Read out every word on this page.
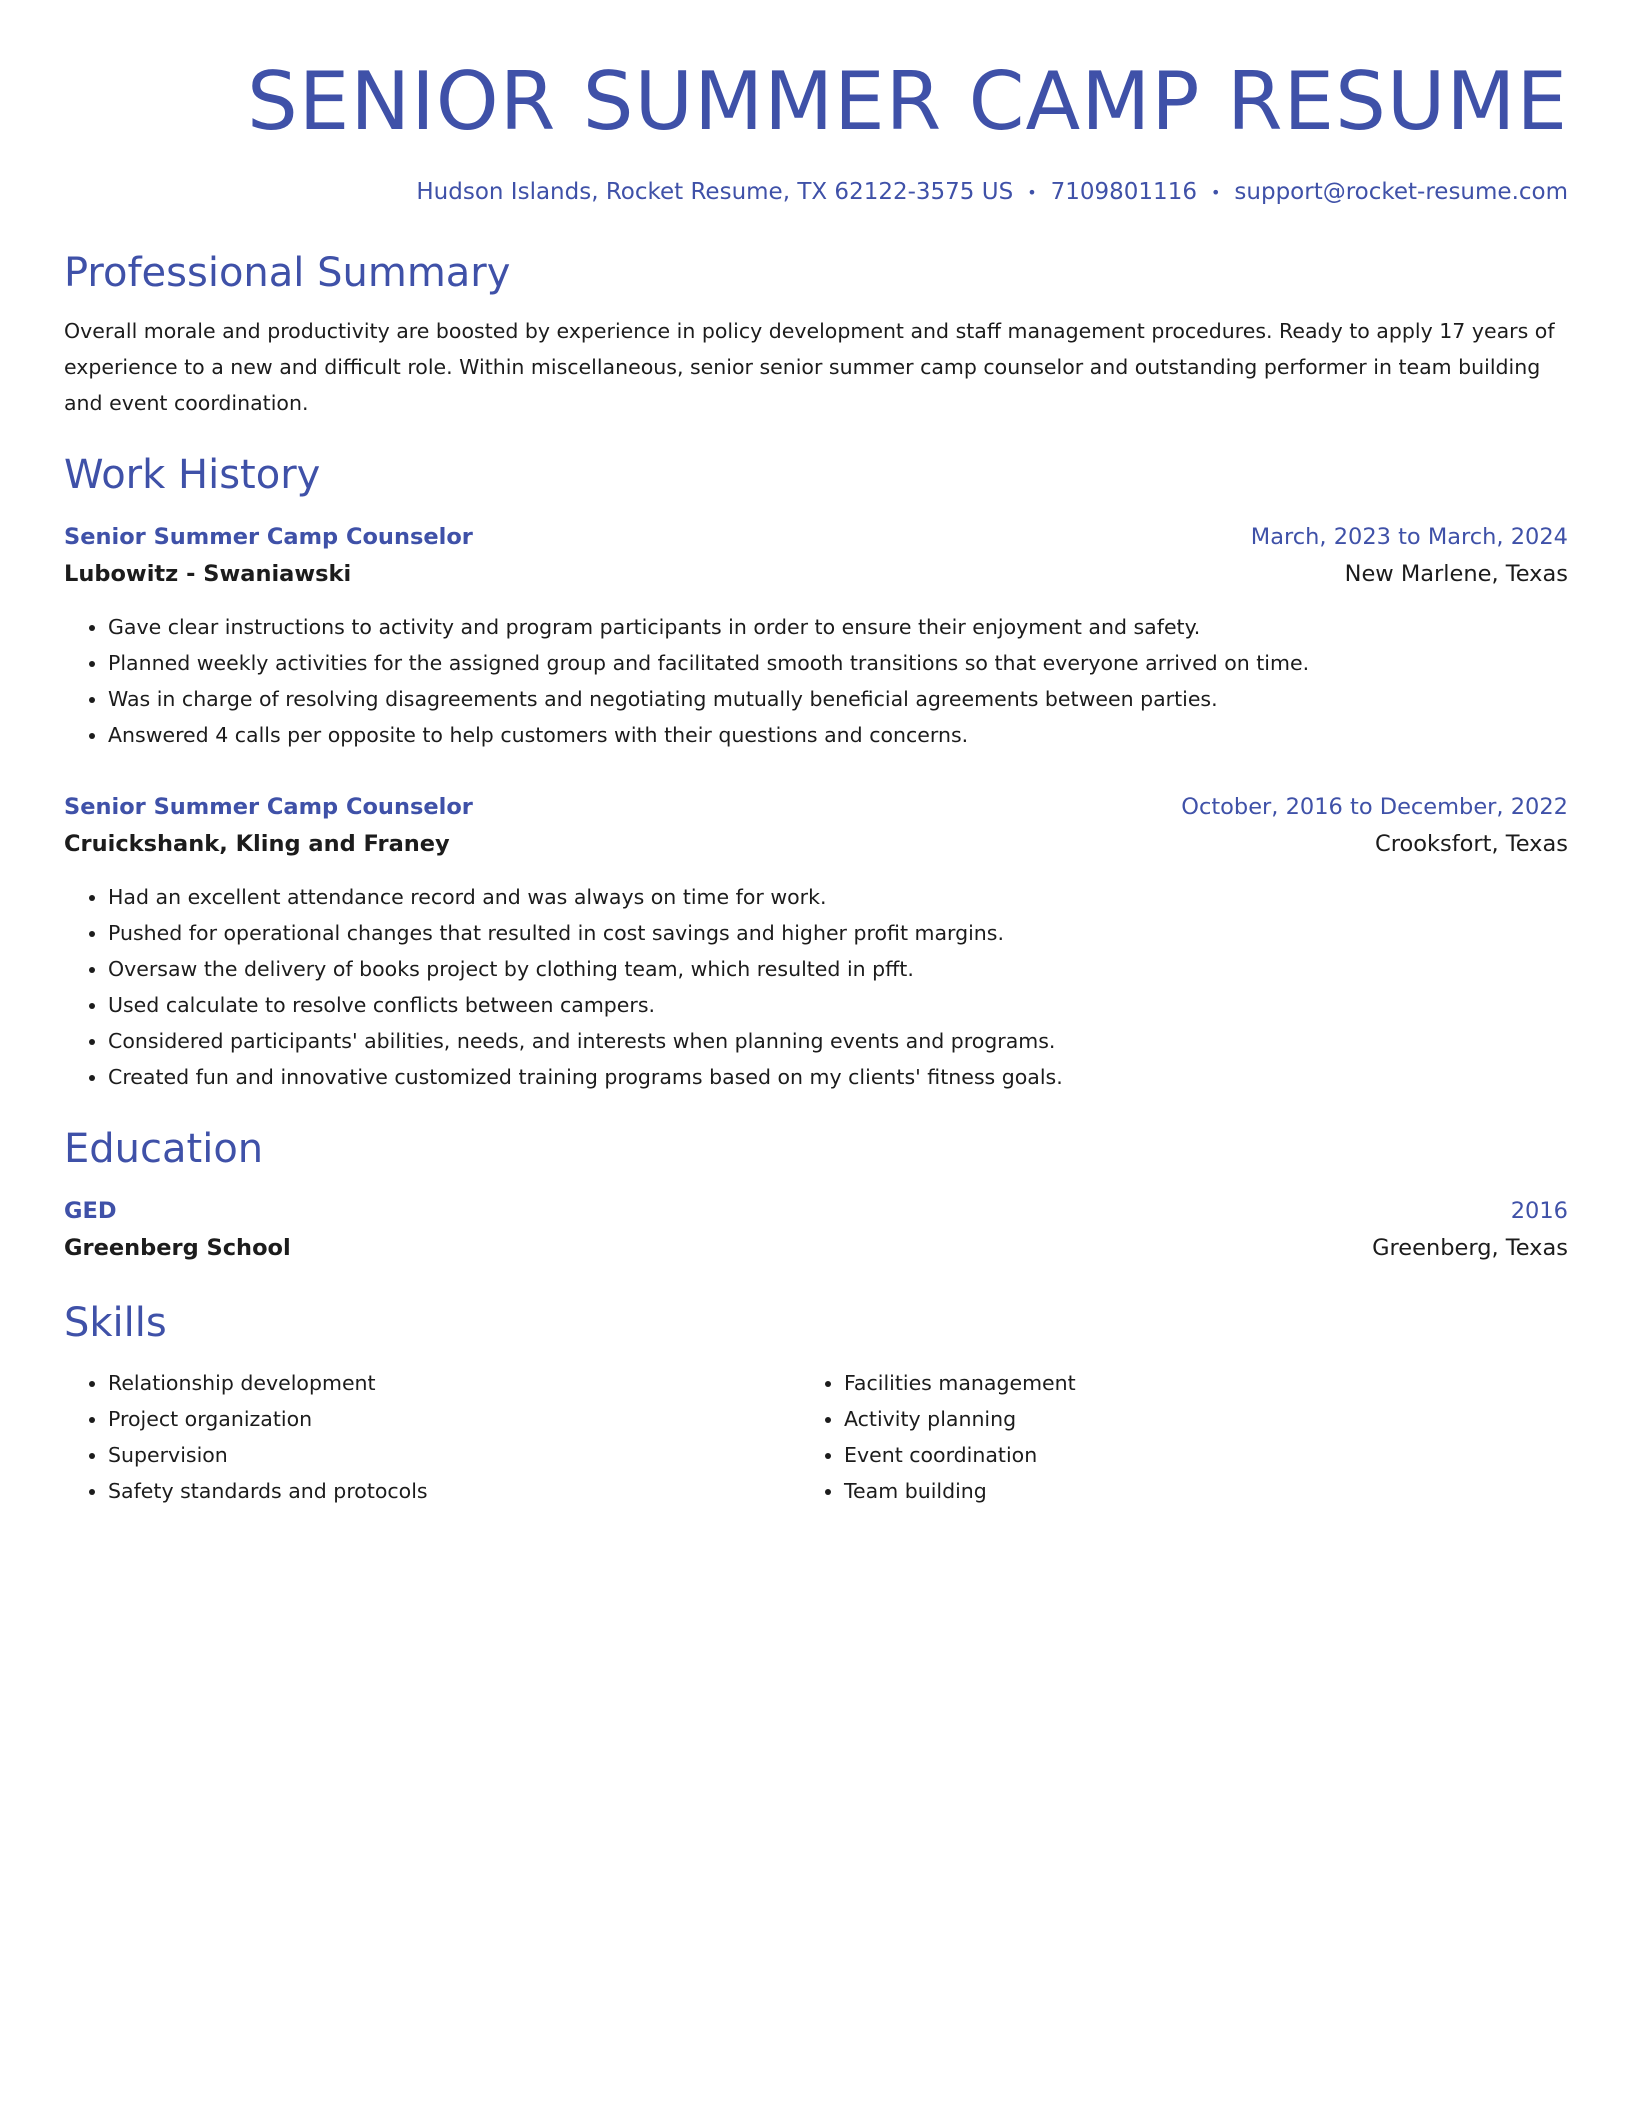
SENIOR SUMMER CAMP RESUME
Hudson Islands, Rocket Resume, TX 62122-3575 US • 7109801116 • support@rocket-resume.com
Professional Summary

Overall morale and productivity are boosted by experience in policy development and staff management procedures. Ready to apply 17 years of experience to a new and difficult role. Within miscellaneous, senior senior summer camp counselor and outstanding performer in team building and event coordination.

Work History
Senior Summer Camp Counselor	March, 2023 to March, 2024
Lubowitz - Swaniawski	New Marlene, Texas
• Gave clear instructions to activity and program participants in order to ensure their enjoyment and safety.
• Planned weekly activities for the assigned group and facilitated smooth transitions so that everyone arrived on time.
• Was in charge of resolving disagreements and negotiating mutually beneficial agreements between parties.
• Answered 4 calls per opposite to help customers with their questions and concerns.
Senior Summer Camp Counselor	October, 2016 to December, 2022
Cruickshank, Kling and Franey	Crooksfort, Texas
• Had an excellent attendance record and was always on time for work.
• Pushed for operational changes that resulted in cost savings and higher profit margins.
• Oversaw the delivery of books project by clothing team, which resulted in pfft.
• Used calculate to resolve conflicts between campers.
• Considered participants' abilities, needs, and interests when planning events and programs.
• Created fun and innovative customized training programs based on my clients' fitness goals.
Education
GED	2016
Greenberg School	Greenberg, Texas
Skills
• Relationship development
• Project organization
• Supervision
• Safety standards and protocols
• Facilities management
• Activity planning
• Event coordination
• Team building
